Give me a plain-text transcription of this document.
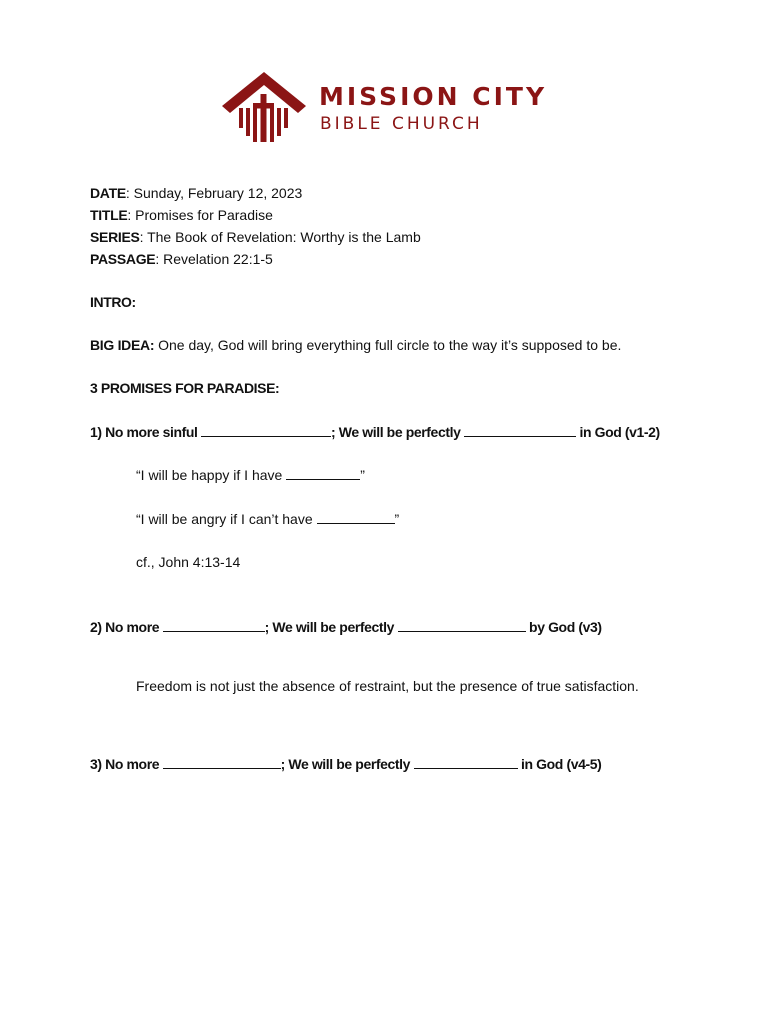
MISSION CITY
BIBLE CHURCH
DATE: Sunday, February 12, 2023
TITLE: Promises for Paradise
SERIES: The Book of Revelation: Worthy is the Lamb
PASSAGE: Revelation 22:1-5
INTRO:
BIG IDEA: One day, God will bring everything full circle to the way it’s supposed to be.
3 PROMISES FOR PARADISE:
1) No more sinful	; We will be perfectly	in God (v1-2)
“I will be happy if I have	”
“I will be angry if I can’t have	”
cf., John 4:13-14
2) No more	; We will be perfectly	by God (v3)
Freedom is not just the absence of restraint, but the presence of true satisfaction.
3) No more	; We will be perfectly	in God (v4-5)
